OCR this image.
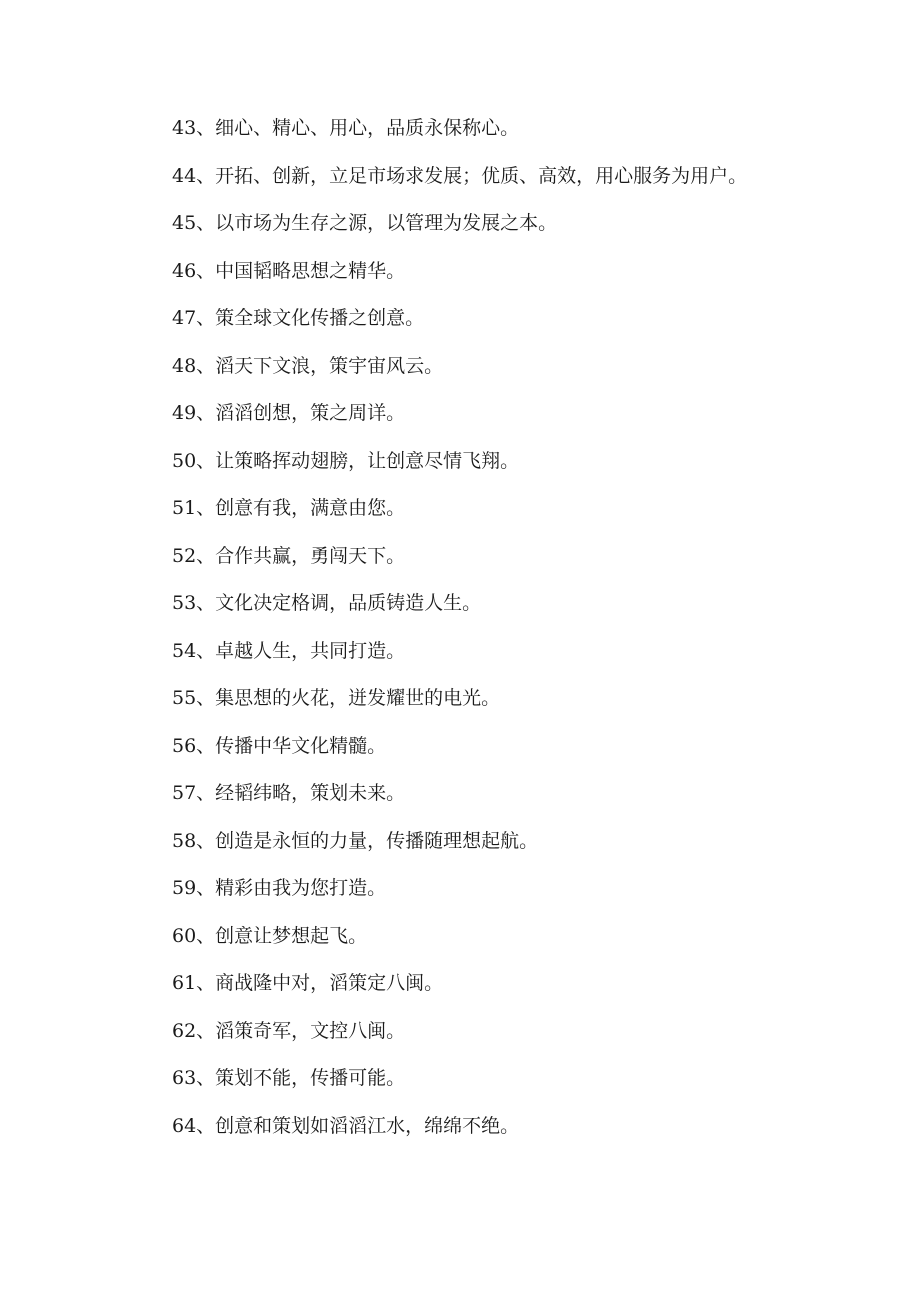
43、细心、精心、用心，品质永保称心。

44、开拓、创新，立足市场求发展；优质、高效，用心服务为用户。

45、以市场为生存之源，以管理为发展之本。

46、中国韬略思想之精华。

47、策全球文化传播之创意。

48、滔天下文浪，策宇宙风云。

49、滔滔创想，策之周详。

50、让策略挥动翅膀，让创意尽情飞翔。

51、创意有我，满意由您。

52、合作共赢，勇闯天下。

53、文化决定格调，品质铸造人生。

54、卓越人生，共同打造。

55、集思想的火花，迸发耀世的电光。

56、传播中华文化精髓。

57、经韬纬略，策划未来。

58、创造是永恒的力量，传播随理想起航。

59、精彩由我为您打造。

60、创意让梦想起飞。

61、商战隆中对，滔策定八闽。

62、滔策奇军，文控八闽。

63、策划不能，传播可能。

64、创意和策划如滔滔江水，绵绵不绝。
